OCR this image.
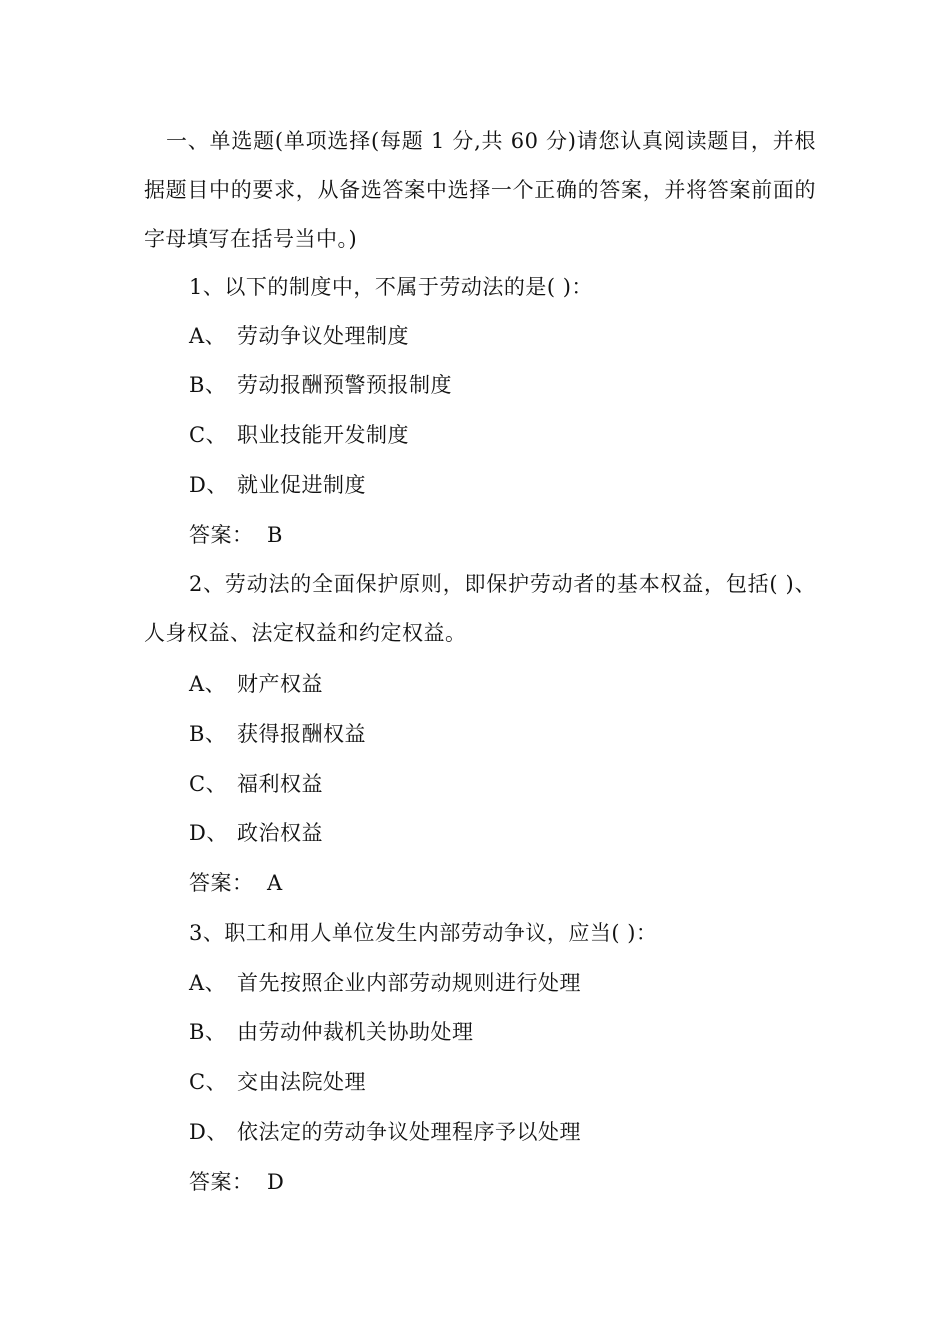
一、单选题(单项选择(每题 1 分,共 60 分)请您认真阅读题目，并根据题目中的要求，从备选答案中选择一个正确的答案，并将答案前面的字母填写在括号当中。)
1、以下的制度中，不属于劳动法的是( )：
A、 劳动争议处理制度
B、 劳动报酬预警预报制度
C、 职业技能开发制度
D、 就业促进制度
答案： B
2、劳动法的全面保护原则，即保护劳动者的基本权益，包括( )、人身权益、法定权益和约定权益。
A、 财产权益
B、 获得报酬权益
C、 福利权益
D、 政治权益
答案： A
3、职工和用人单位发生内部劳动争议，应当( )：
A、 首先按照企业内部劳动规则进行处理
B、 由劳动仲裁机关协助处理
C、 交由法院处理
D、 依法定的劳动争议处理程序予以处理
答案： D
